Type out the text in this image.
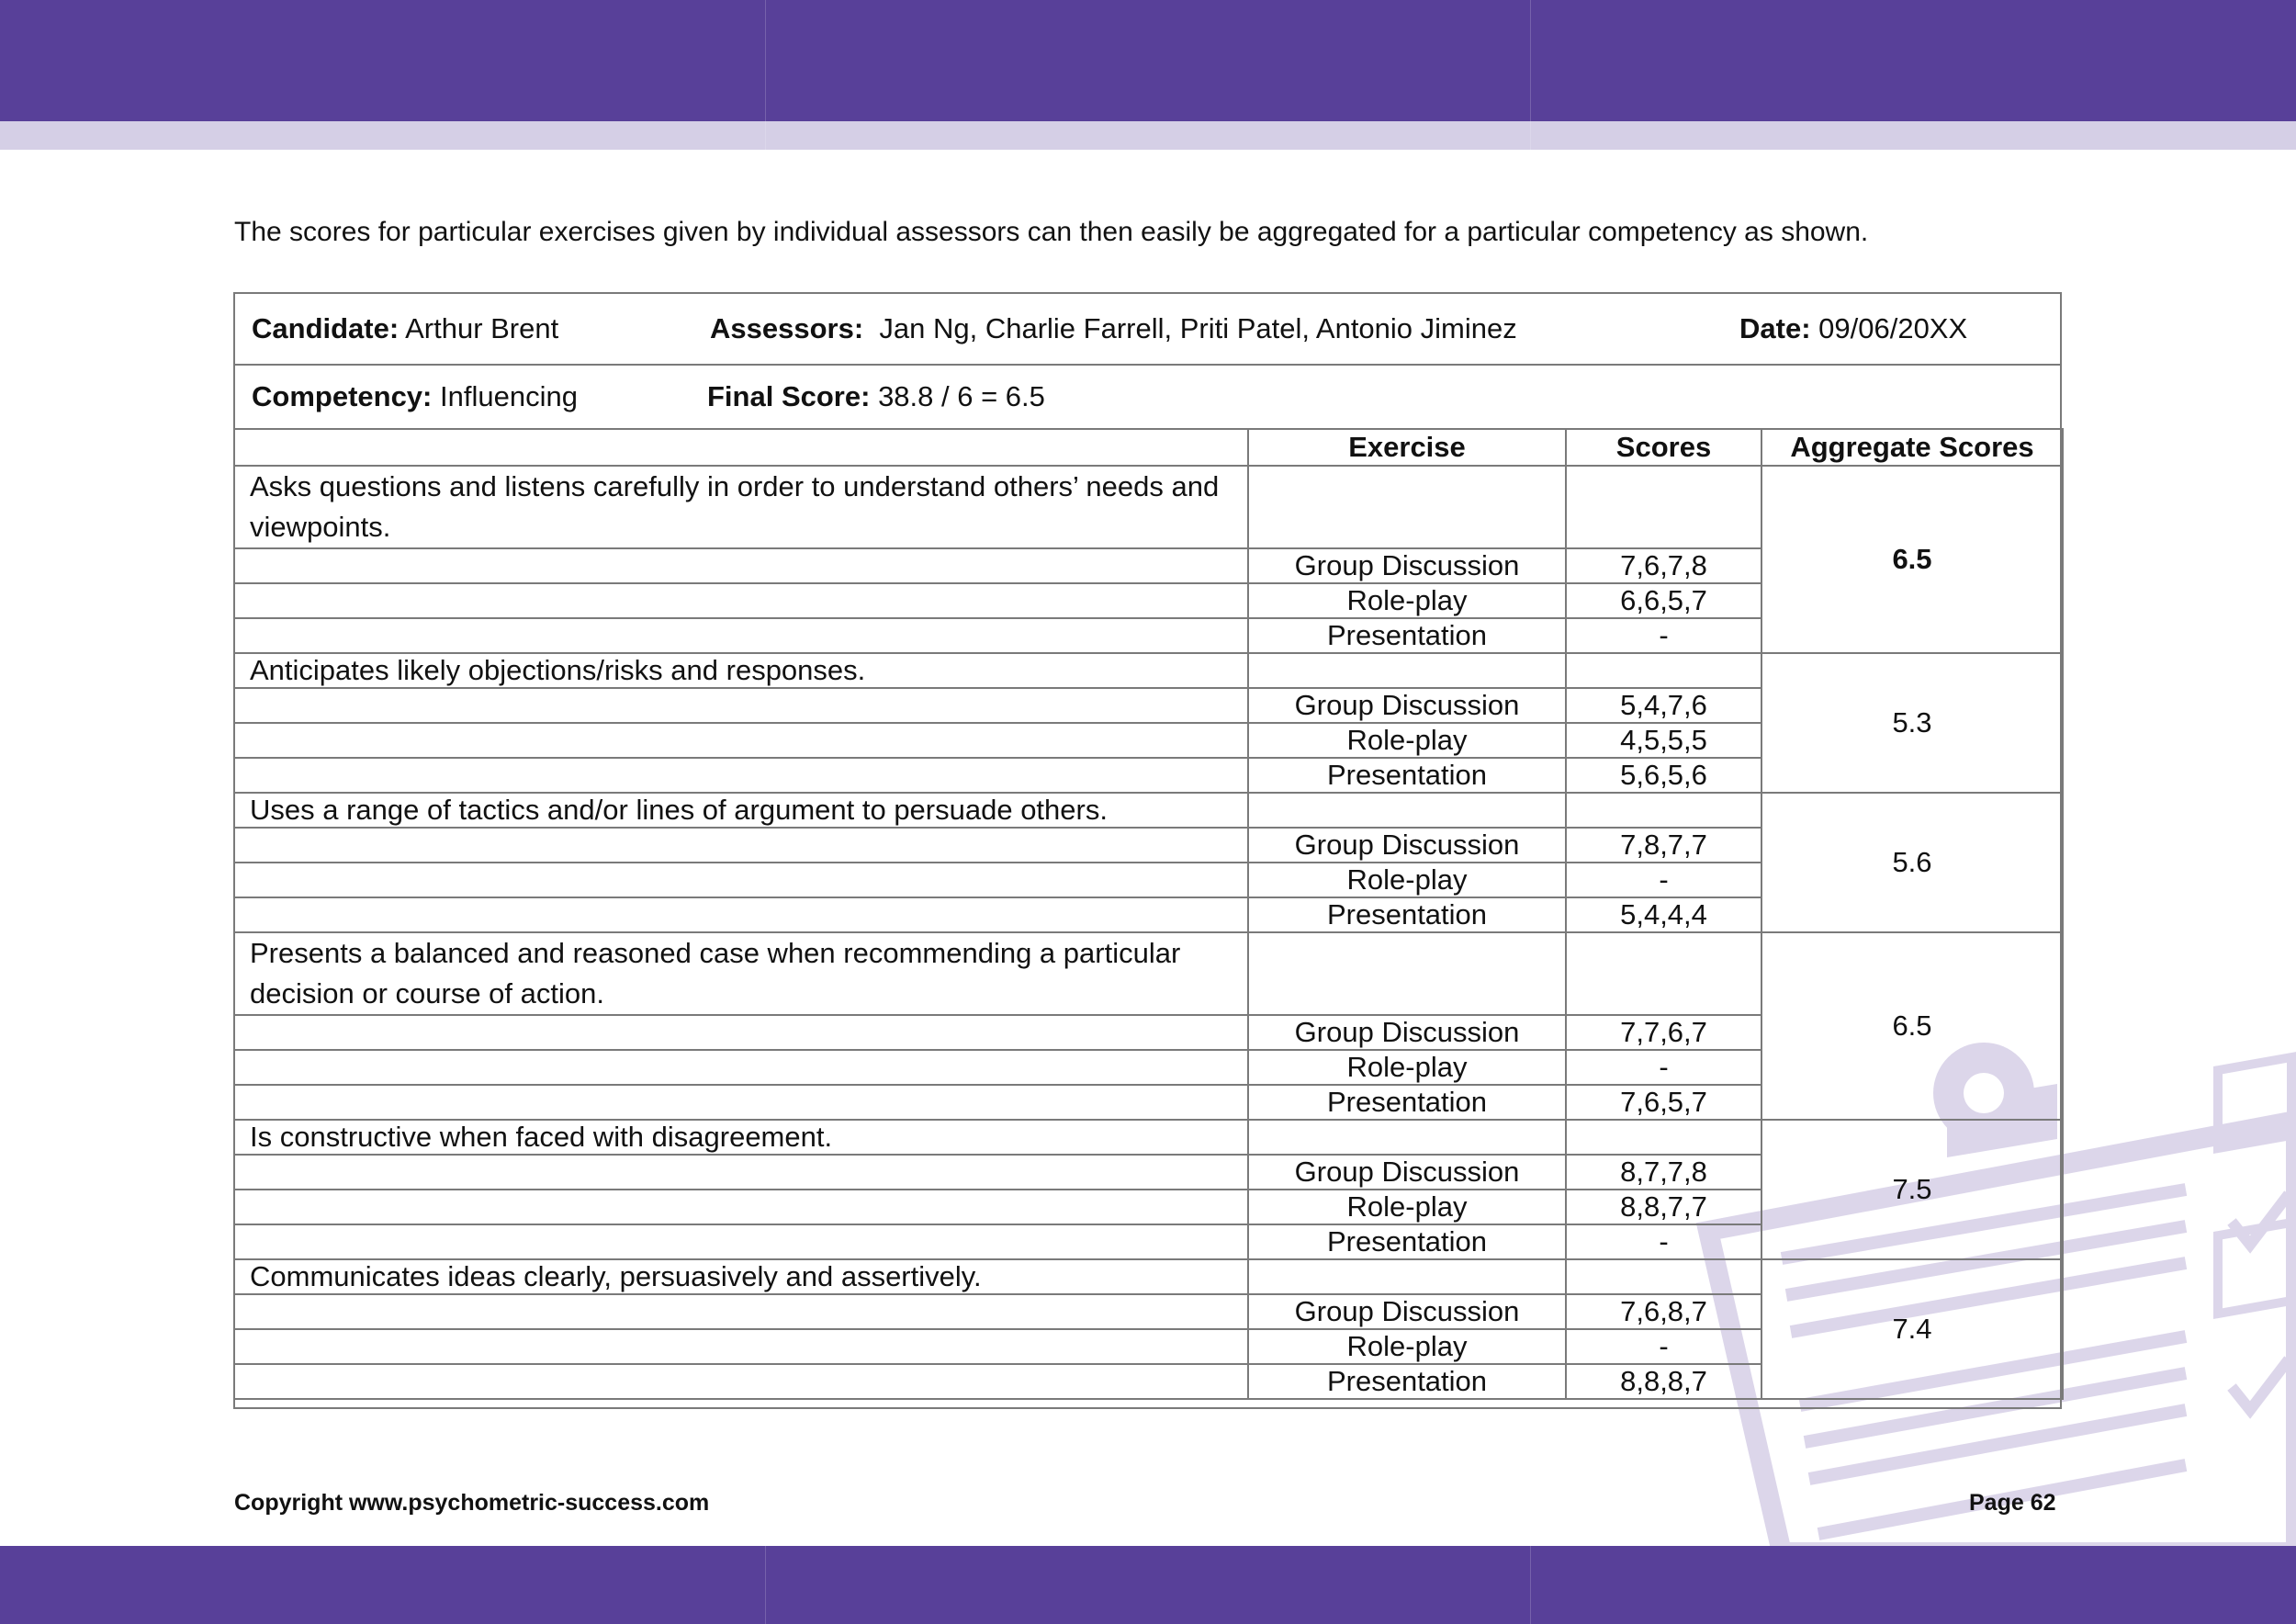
The scores for particular exercises given by individual assessors can then easily be aggregated for a particular competency as shown.
Candidate: Arthur Brent	Assessors: Jan Ng, Charlie Farrell, Priti Patel, Antonio Jiminez	Date: 09/06/20XX
Competency: Influencing	Final Score: 38.8 / 6 = 6.5
	Exercise	Scores	Aggregate Scores
Asks questions and listens carefully in order to understand others’ needs and viewpoints.			6.5
	Group Discussion	7,6,7,8	
	Role-play	6,6,5,7	
	Presentation	-	
Anticipates likely objections/risks and responses.			5.3
	Group Discussion	5,4,7,6	
	Role-play	4,5,5,5	
	Presentation	5,6,5,6	
Uses a range of tactics and/or lines of argument to persuade others.			5.6
	Group Discussion	7,8,7,7	
	Role-play	-	
	Presentation	5,4,4,4	
Presents a balanced and reasoned case when recommending a particular decision or course of action.			6.5
	Group Discussion	7,7,6,7	
	Role-play	-	
	Presentation	7,6,5,7	
Is constructive when faced with disagreement.			7.5
	Group Discussion	8,7,7,8	
	Role-play	8,8,7,7	
	Presentation	-	
Communicates ideas clearly, persuasively and assertively.			7.4
	Group Discussion	7,6,8,7	
	Role-play	-	
	Presentation	8,8,8,7	
Copyright www.psychometric-success.com	Page 62
